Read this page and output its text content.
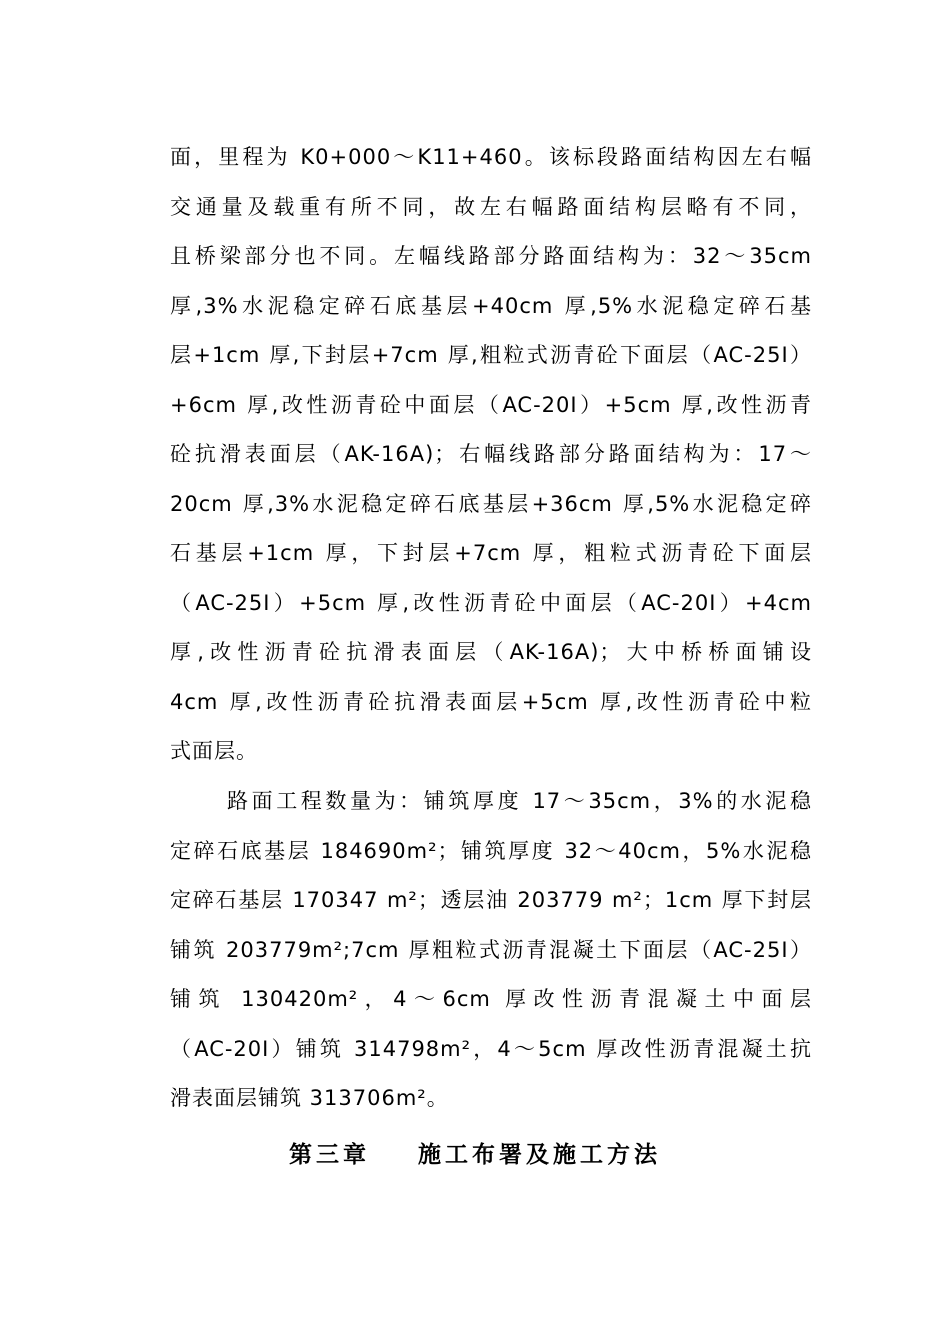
面，里程为 K0+000～K11+460。该标段路面结构因左右幅
交通量及载重有所不同，故左右幅路面结构层略有不同，
且桥梁部分也不同。左幅线路部分路面结构为：32～35cm
厚,3%水泥稳定碎石底基层+40cm 厚,5%水泥稳定碎石基
层+1cm 厚,下封层+7cm 厚,粗粒式沥青砼下面层（AC-25I）
+6cm 厚,改性沥青砼中面层（AC-20I）+5cm 厚,改性沥青
砼抗滑表面层（AK-16A)；右幅线路部分路面结构为：17～
20cm 厚,3%水泥稳定碎石底基层+36cm 厚,5%水泥稳定碎
石基层+1cm 厚，下封层+7cm 厚，粗粒式沥青砼下面层
（AC-25I）+5cm 厚,改性沥青砼中面层（AC-20I）+4cm
厚,改性沥青砼抗滑表面层（AK-16A)；大中桥桥面铺设
4cm 厚,改性沥青砼抗滑表面层+5cm 厚,改性沥青砼中粒
式面层。
路面工程数量为：铺筑厚度 17～35cm，3%的水泥稳
定碎石底基层 184690m²；铺筑厚度 32～40cm，5%水泥稳
定碎石基层 170347 m²；透层油 203779 m²；1cm 厚下封层
铺筑 203779m²;7cm 厚粗粒式沥青混凝土下面层（AC-25I）
铺筑 130420m²，4～6cm 厚改性沥青混凝土中面层
（AC-20I）铺筑 314798m²，4～5cm 厚改性沥青混凝土抗
滑表面层铺筑 313706m²。
第三章    施工布署及施工方法
